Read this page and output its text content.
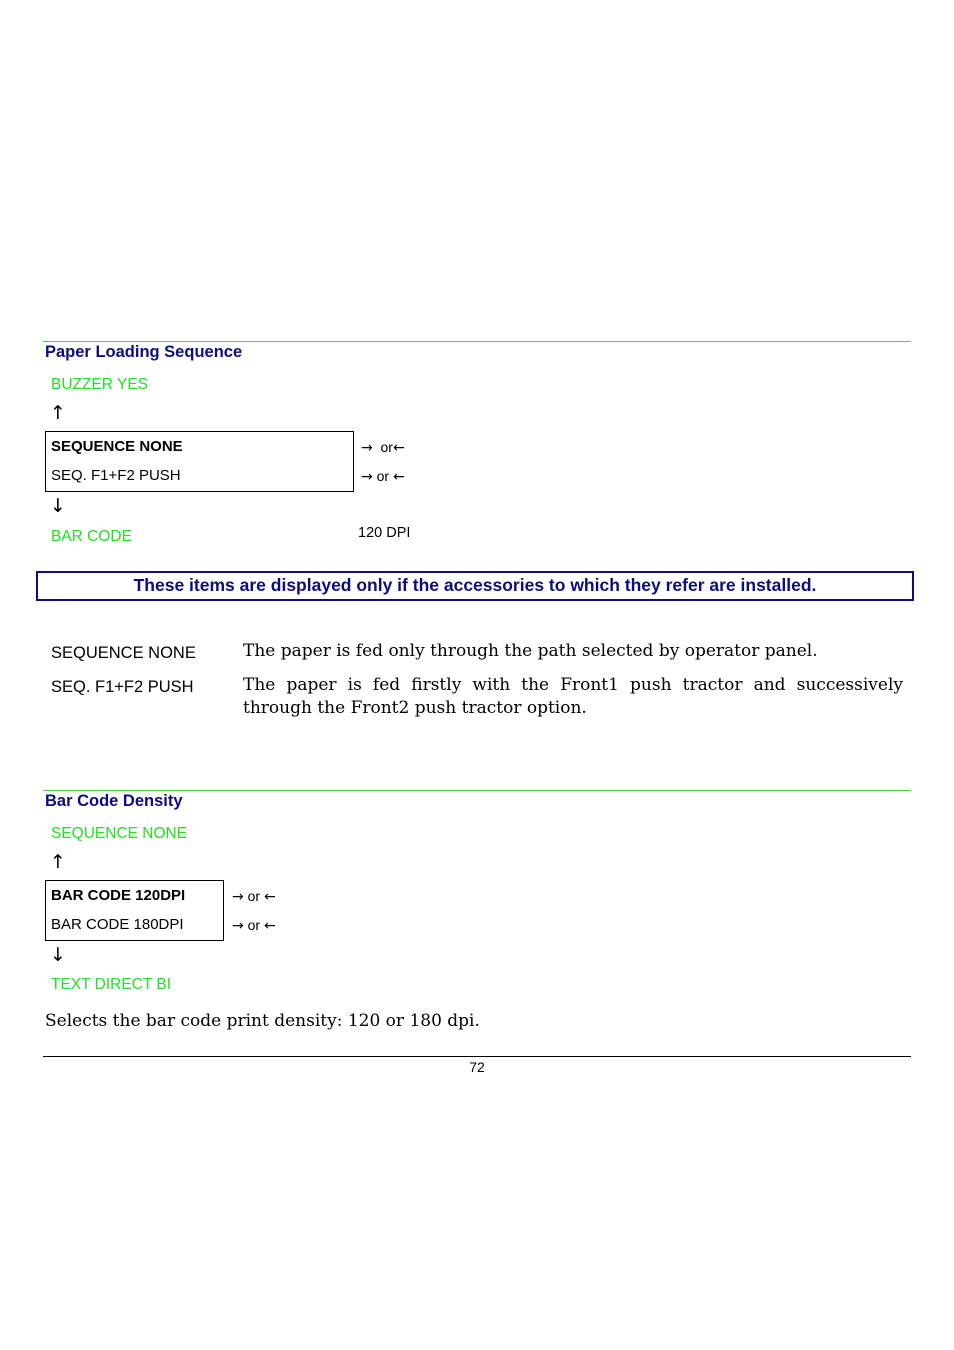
Paper Loading Sequence
BUZZER YES
↑
SEQUENCE NONE
SEQ. F1+F2 PUSH
→ or←
→ or ←
↓
BAR CODE	120 DPI
These items are displayed only if the accessories to which they refer are installed.
SEQUENCE NONE	The paper is fed only through the path selected by operator panel.
SEQ. F1+F2 PUSH	The paper is fed firstly with the Front1 push tractor and successively through the Front2 push tractor option.
Bar Code Density
SEQUENCE NONE
↑
BAR CODE 120DPI
BAR CODE 180DPI
→ or ←
→ or ←
↓
TEXT DIRECT BI
Selects the bar code print density: 120 or 180 dpi.
72
